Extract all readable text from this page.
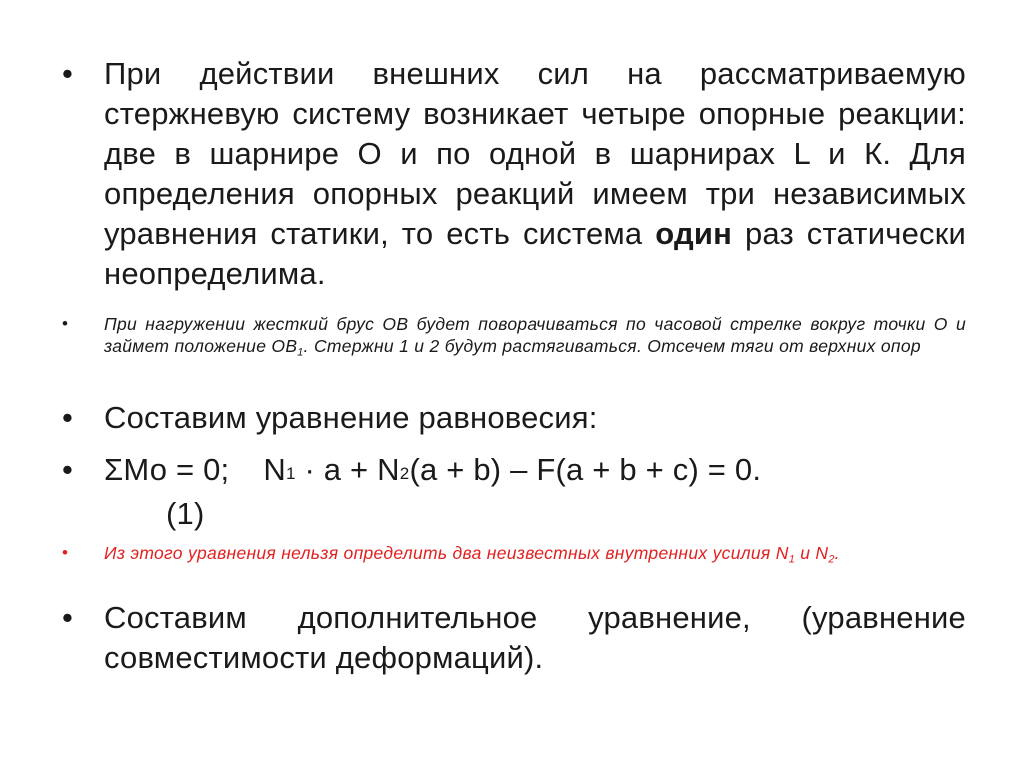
• При действии внешних сил на рассматриваемую стержневую систему возникает четыре опорные реакции: две в шарнире О и по одной в шарнирах L и К. Для определения опорных реакций имеем три независимых уравнения статики, то есть система один раз статически неопределима.
•	При нагружении жесткий брус ОВ будет поворачиваться по часовой стрелке вокруг точки О и займет положение $ОВ_1$. Стержни 1 и 2 будут растягиваться. Отсечем тяги от верхних опор
• Составим уравнение равновесия:
• ΣМо = 0; N1 · a + N2(a + b) – F(a + b + c) = 0.
(1)
•	Из этого уравнения нельзя определить два неизвестных внутренних усилия $N_1$ и $N_2$.
• Составим дополнительное уравнение, (уравнение совместимости деформаций).
